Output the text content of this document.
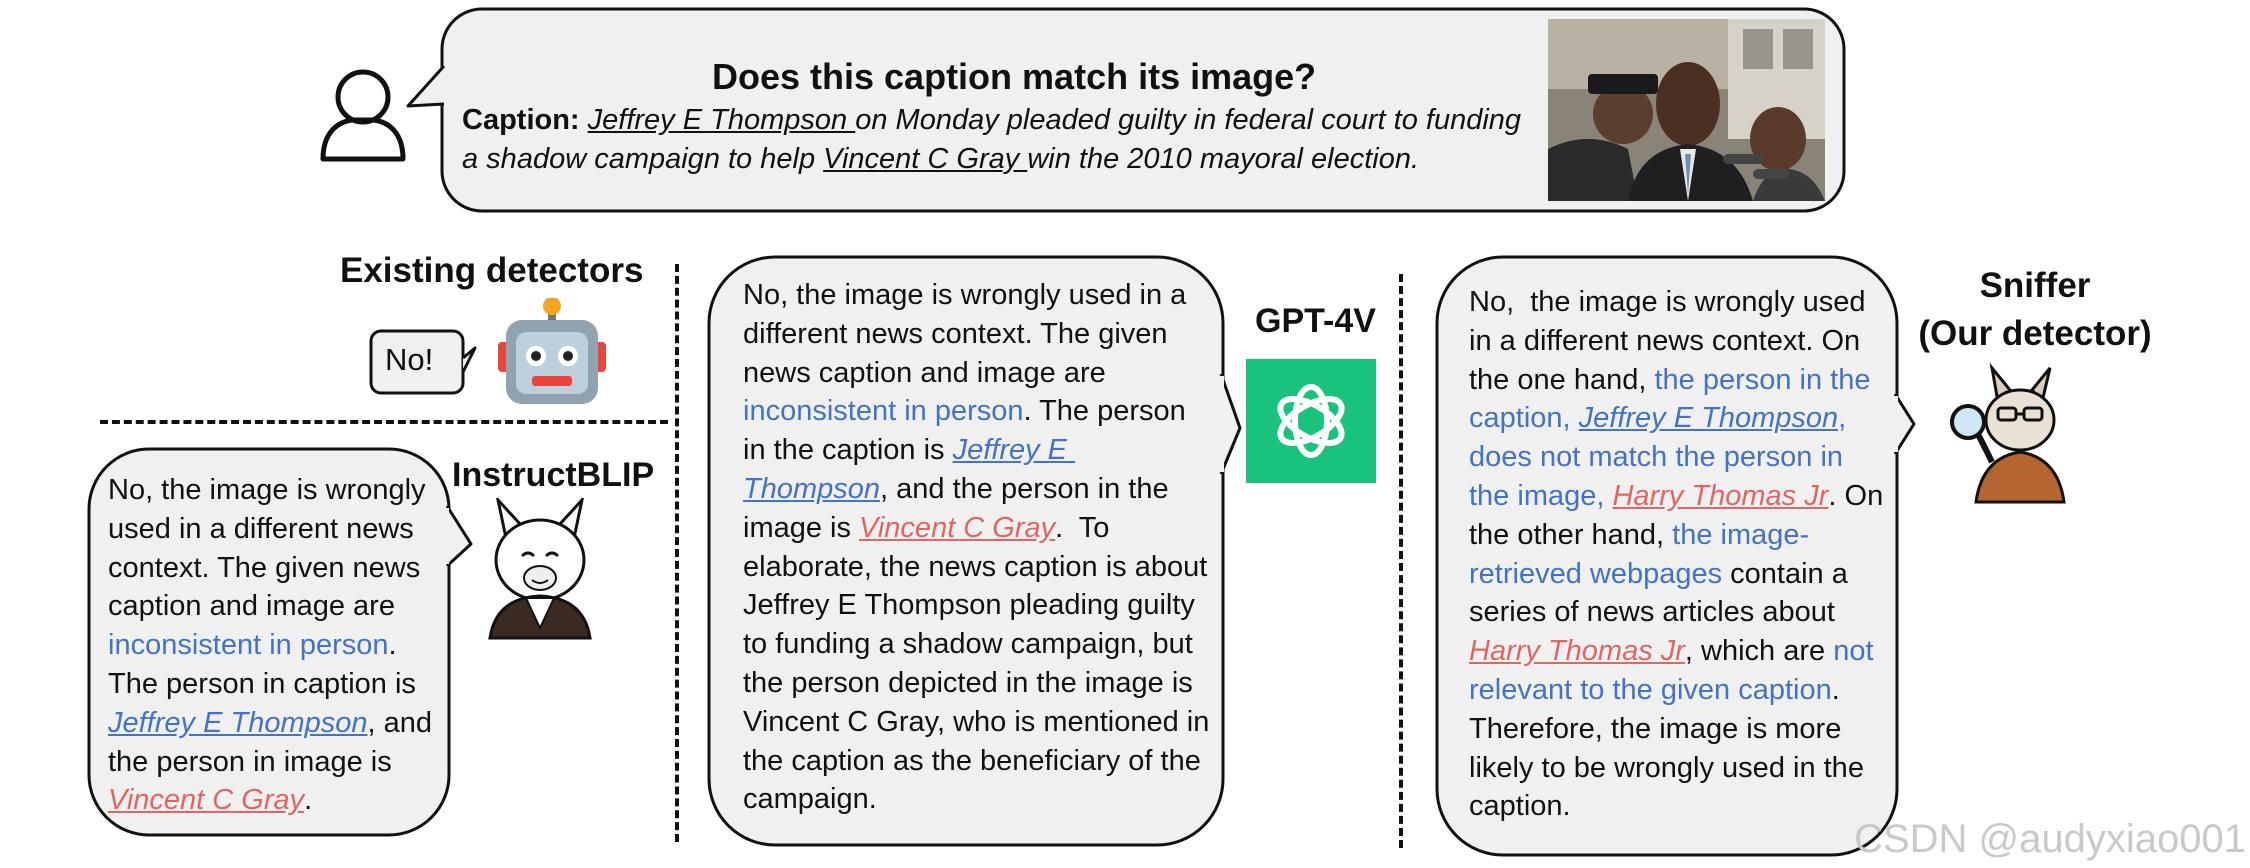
Does this caption match its image?
Caption: Jeffrey E Thompson on Monday pleaded guilty in federal court to funding
a shadow campaign to help Vincent C Gray win the 2010 mayoral election.
Existing detectors
No!
InstructBLIP
No, the image is wrongly used in a different news context. The given news caption and image are inconsistent in person. The person in caption is Jeffrey E Thompson, and the person in image is Vincent C Gray.
GPT-4V
No, the image is wrongly used in a different news context. The given news caption and image are inconsistent in person. The person in the caption is Jeffrey E Thompson, and the person in the image is Vincent C Gray.  To elaborate, the news caption is about Jeffrey E Thompson pleading guilty to funding a shadow campaign, but the person depicted in the image is Vincent C Gray, who is mentioned in the caption as the beneficiary of the campaign.
No,  the image is wrongly used in a different news context. On the one hand, the person in the caption, Jeffrey E Thompson, does not match the person in the image, Harry Thomas Jr. On the other hand, the image-retrieved webpages contain a series of news articles about Harry Thomas Jr, which are not relevant to the given caption. Therefore, the image is more likely to be wrongly used in the caption.
Sniffer
(Our detector)
CSDN @audyxiao001
